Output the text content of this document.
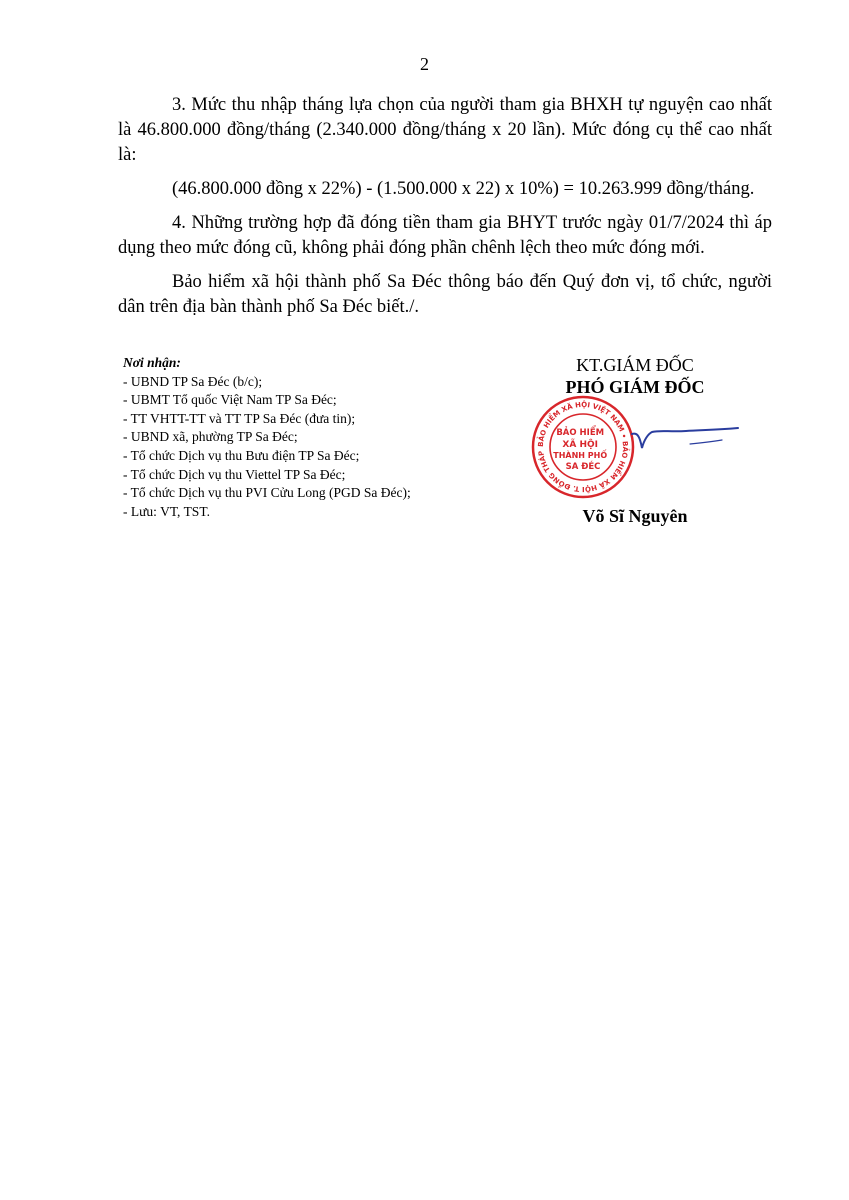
2

3. Mức thu nhập tháng lựa chọn của người tham gia BHXH tự nguyện cao nhất là 46.800.000 đồng/tháng (2.340.000 đồng/tháng x 20 lần). Mức đóng cụ thể cao nhất là:

(46.800.000 đồng x 22%) - (1.500.000 x 22) x 10%) = 10.263.999 đồng/tháng.

4. Những trường hợp đã đóng tiền tham gia BHYT trước ngày 01/7/2024 thì áp dụng theo mức đóng cũ, không phải đóng phần chênh lệch theo mức đóng mới.

Bảo hiểm xã hội thành phố Sa Đéc thông báo đến Quý đơn vị, tổ chức, người dân trên địa bàn thành phố Sa Đéc biết./.

Nơi nhận:
- UBND TP Sa Đéc (b/c);
- UBMT Tổ quốc Việt Nam TP Sa Đéc;
- TT VHTT-TT và TT TP Sa Đéc (đưa tin);
- UBND xã, phường TP Sa Đéc;
- Tổ chức Dịch vụ thu Bưu điện TP Sa Đéc;
- Tổ chức Dịch vụ thu Viettel TP Sa Đéc;
- Tổ chức Dịch vụ thu PVI Cửu Long (PGD Sa Đéc);
- Lưu: VT, TST.
KT.GIÁM ĐỐC
PHÓ GIÁM ĐỐC
BẢO HIỂM XÃ HỘI VIỆT NAM • BẢO HIỂM XÃ HỘI T. ĐỒNG THÁP
BẢO HIỂM XÃ HỘI THÀNH PHỐ SA ĐÉC
Võ Sĩ Nguyên
